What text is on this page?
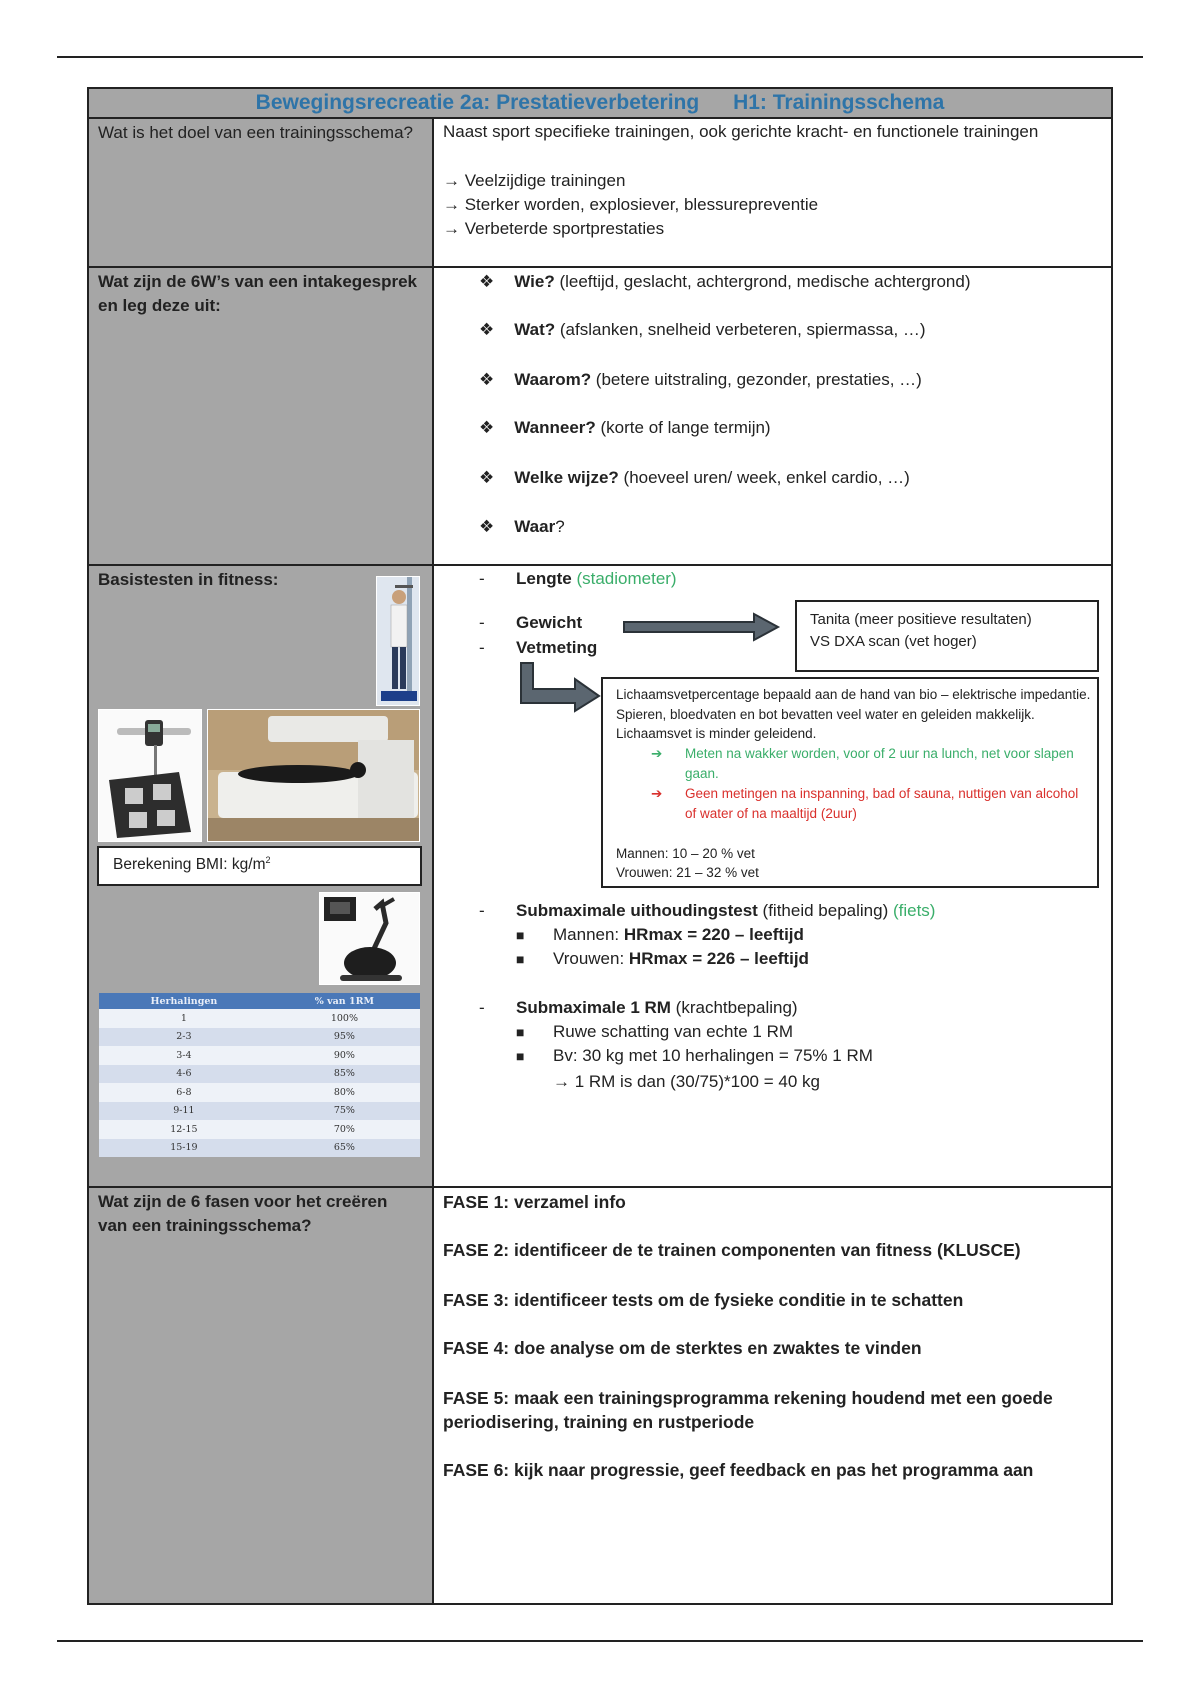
Bewegingsrecreatie 2a: Prestatieverbetering H1: Trainingsschema
Wat is het doel van een trainingsschema? Naast sport specifieke trainingen, ook gerichte kracht- en functionele trainingen
→ Veelzijdige trainingen
→ Sterker worden, explosiever, blessurepreventie
→ Verbeterde sportprestaties
Wat zijn de 6W’s van een intakegesprek en leg deze uit:
❖ Wie? (leeftijd, geslacht, achtergrond, medische achtergrond)
❖ Wat? (afslanken, snelheid verbeteren, spiermassa, …)
❖ Waarom? (betere uitstraling, gezonder, prestaties, …)
❖ Wanneer? (korte of lange termijn)
❖ Welke wijze? (hoeveel uren/ week, enkel cardio, …)
❖ Waar?
Basistesten in fitness:
Berekening BMI: $kg/m^2$
Herhalingen	% van 1RM
1	100%
2-3	95%
3-4	90%
4-6	85%
6-8	80%
9-11	75%
12-15	70%
15-19	65%
- Lengte (stadiometer)
- Gewicht
- Vetmeting
Tanita (meer positieve resultaten)
VS DXA scan (vet hoger)
Lichaamsvetpercentage bepaald aan de hand van bio – elektrische impedantie. Spieren, bloedvaten en bot bevatten veel water en geleiden makkelijk. Lichaamsvet is minder geleidend.
➔ Meten na wakker worden, voor of 2 uur na lunch, net voor slapen gaan.
➔ Geen metingen na inspanning, bad of sauna, nuttigen van alcohol of water of na maaltijd (2uur)
Mannen: 10 – 20 % vet
Vrouwen: 21 – 32 % vet
- Submaximale uithoudingstest (fitheid bepaling) (fiets)
■ Mannen: HRmax = 220 – leeftijd
■ Vrouwen: HRmax = 226 – leeftijd
- Submaximale 1 RM (krachtbepaling)
■ Ruwe schatting van echte 1 RM
■ Bv: 30 kg met 10 herhalingen = 75% 1 RM
→ 1 RM is dan (30/75)*100 = 40 kg
Wat zijn de 6 fasen voor het creëren van een trainingsschema?
FASE 1: verzamel info
FASE 2: identificeer de te trainen componenten van fitness (KLUSCE)
FASE 3: identificeer tests om de fysieke conditie in te schatten
FASE 4: doe analyse om de sterktes en zwaktes te vinden
FASE 5: maak een trainingsprogramma rekening houdend met een goede periodisering, training en rustperiode
FASE 6: kijk naar progressie, geef feedback en pas het programma aan
